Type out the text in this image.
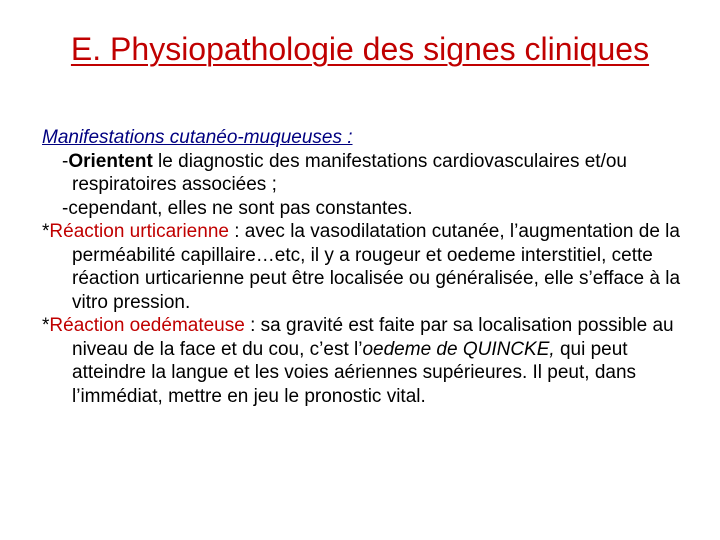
E. Physiopathologie des signes cliniques

Manifestations cutanéo-muqueuses :

-Orientent le diagnostic des manifestations cardiovasculaires et/ou respiratoires associées ;

-cependant, elles ne sont pas constantes.

*Réaction urticarienne : avec la vasodilatation cutanée, l’augmentation de la perméabilité capillaire…etc, il y a rougeur et oedeme interstitiel, cette réaction urticarienne peut être localisée ou généralisée, elle s’efface à la vitro pression.

*Réaction oedémateuse : sa gravité est faite par sa localisation possible au niveau de la face et du cou, c’est l’oedeme de QUINCKE, qui peut atteindre la langue et les voies aériennes supérieures. Il peut, dans l’immédiat, mettre en jeu le pronostic vital.
